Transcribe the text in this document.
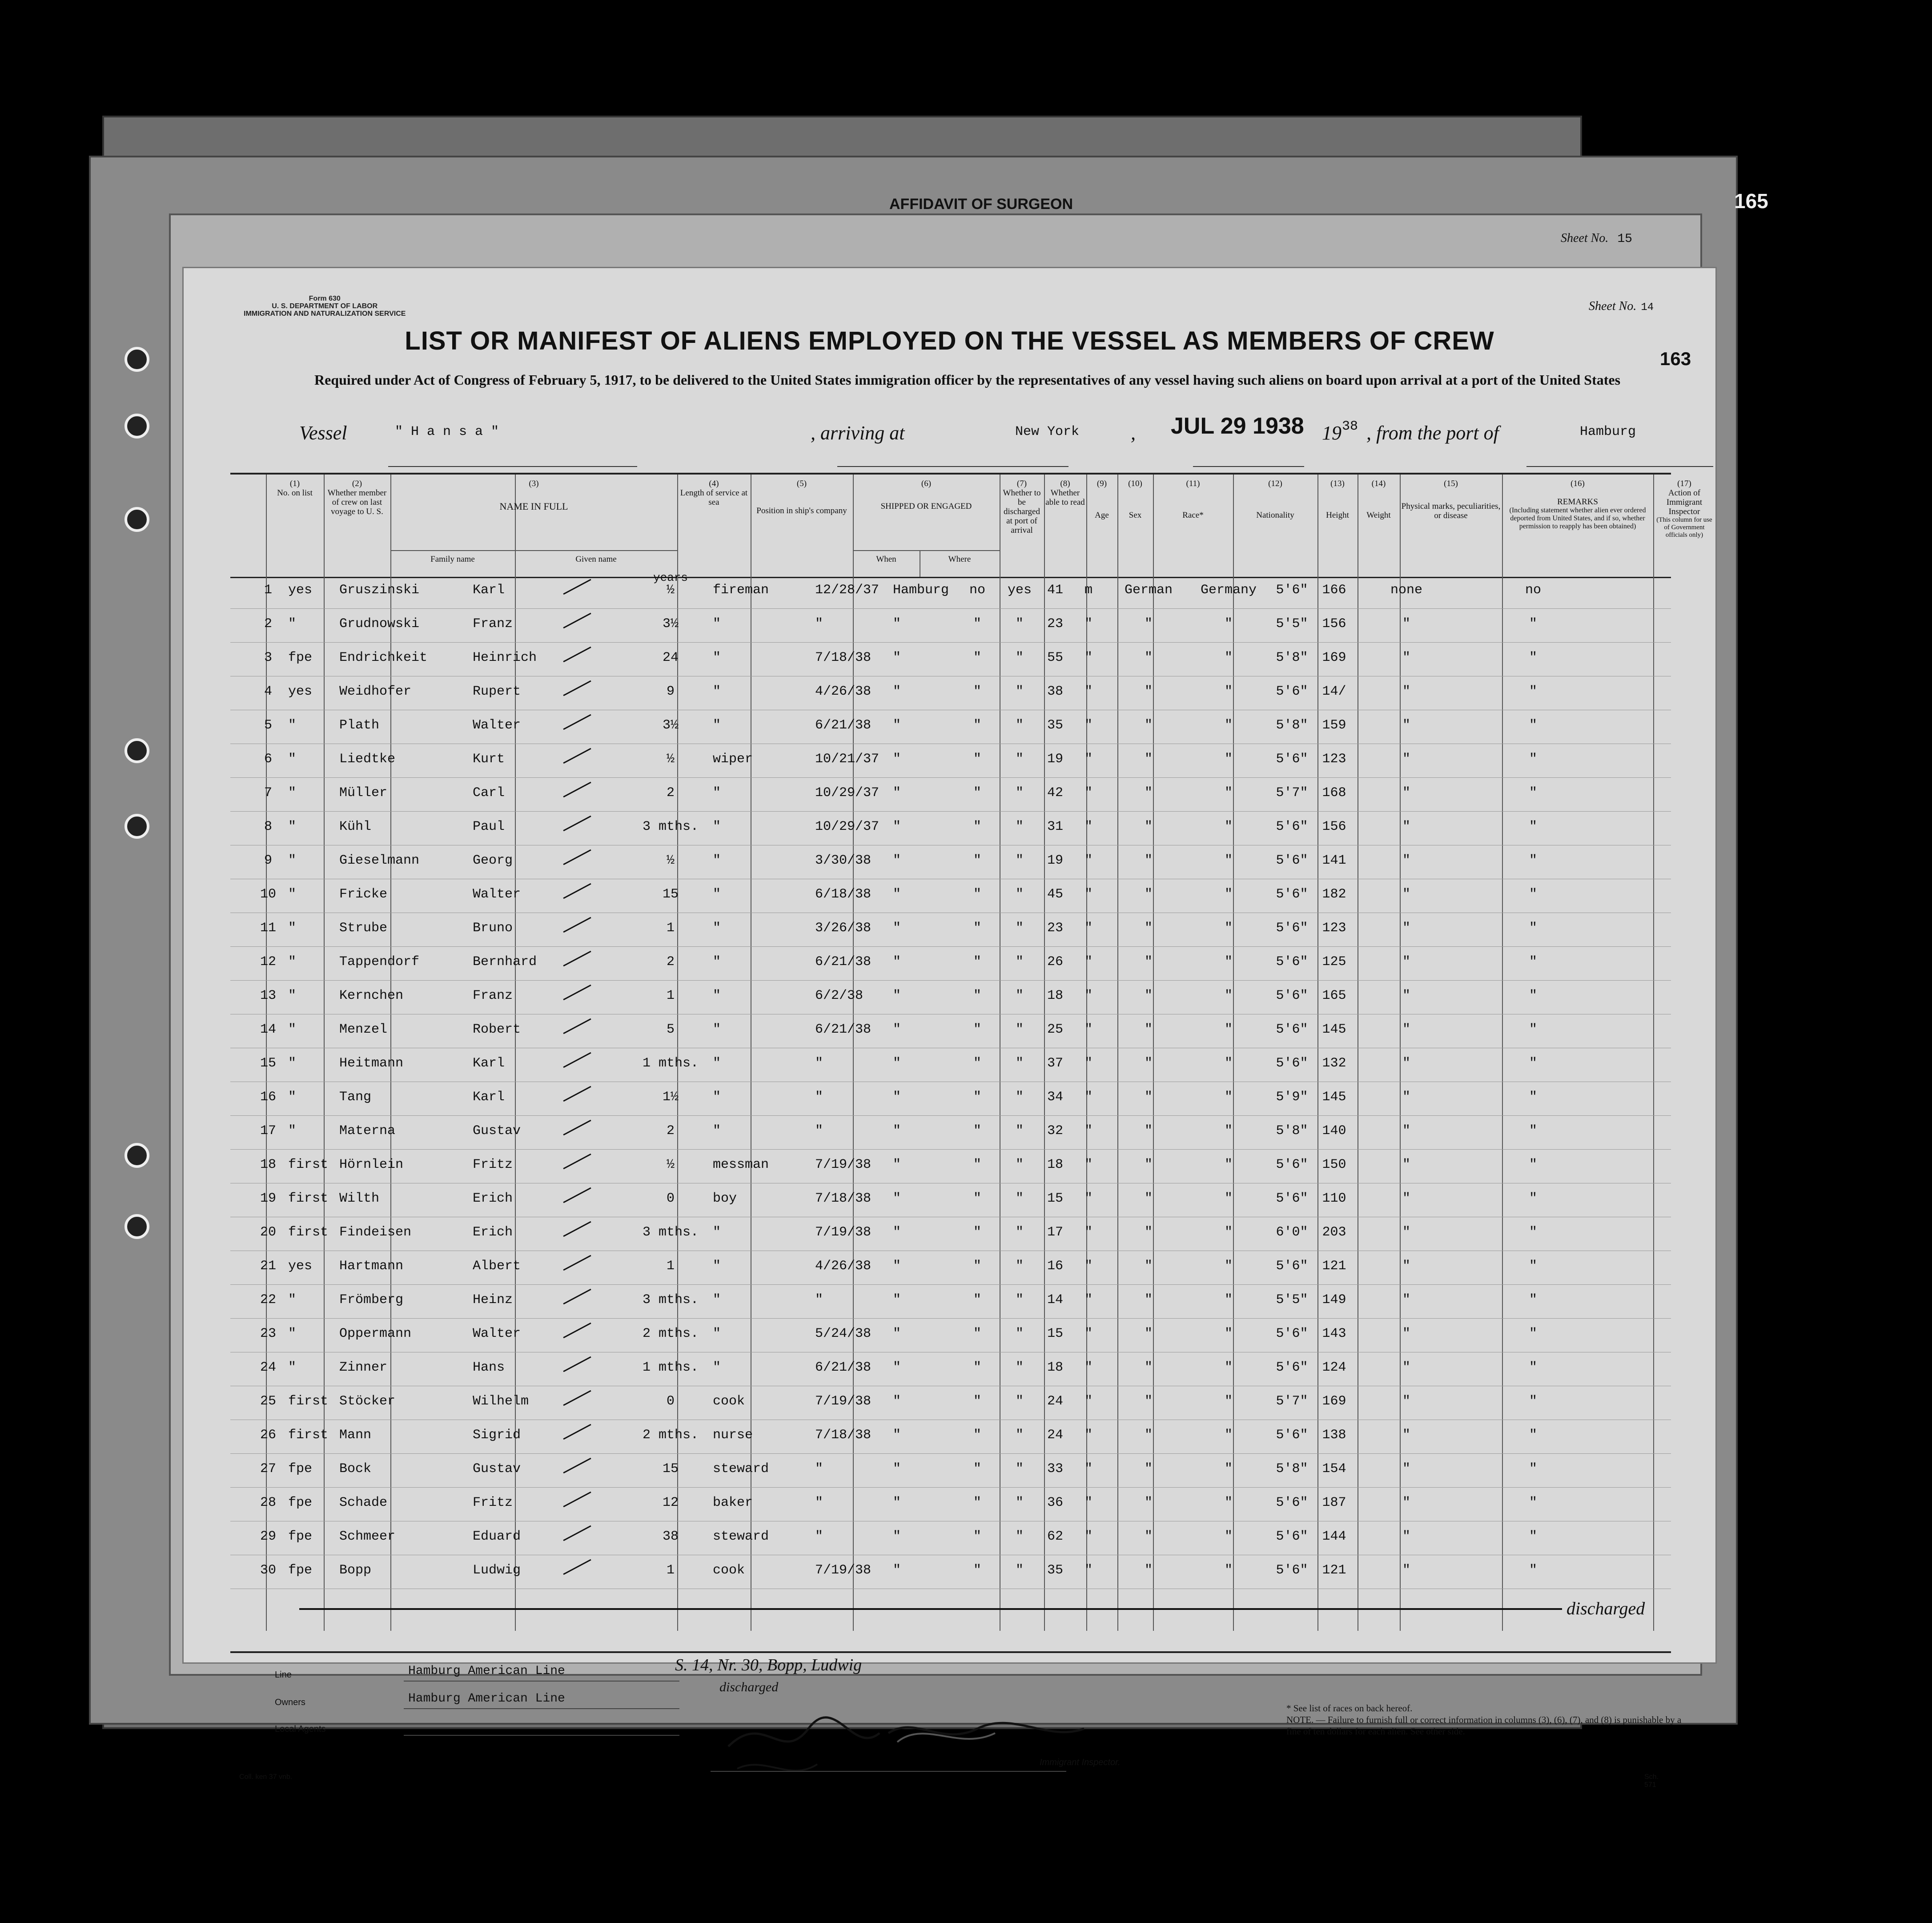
AFFIDAVIT OF SURGEON	165
Sheet No. 15
Form 630
U. S. DEPARTMENT OF LABOR
IMMIGRATION AND NATURALIZATION SERVICE
Sheet No. 14
LIST OR MANIFEST OF ALIENS EMPLOYED ON THE VESSEL AS MEMBERS OF CREW
163
Required under Act of Congress of February 5, 1917, to be delivered to the United States immigration officer by the representatives of any vessel having such aliens on board upon arrival at a port of the United States
Vessel	" H a n s a "	, arriving at	New York	, JUL 29 1938 19 38 , from the port of	Hamburg
(1)
No. on list
(2)
Whether member of crew on last voyage to U. S.
(3)
NAME IN FULL
Family name	Given name
(4)
Length of service at sea
(5)
Position in ship's company
(6)
SHIPPED OR ENGAGED
When	Where
(7)
Whether to be discharged at port of arrival
(8)
Whether able to read
(9)
Age
(10)
Sex
(11)
Race*
(12)
Nationality
(13)
Height
(14)
Weight
(15)
Physical marks, peculiarities, or disease
(16)
REMARKS
(Including statement whether alien ever ordered deported from United States, and if so, whether permission to reapply has been obtained)
(17)
Action of Immigrant Inspector
(This column for use of Government officials only)
1	yes	Gruszinski	Karl	½	fireman	12/28/37	Hamburg	no	yes	41	m	German	Germany	5'6"	166	none	no
2	"	Grudnowski	Franz	3½	"	"	"	"	"	23	"	"	"	5'5"	156	"	"
3	fpe	Endrichkeit	Heinrich	24	"	7/18/38	"	"	"	55	"	"	"	5'8"	169	"	"
4	yes	Weidhofer	Rupert	9	"	4/26/38	"	"	"	38	"	"	"	5'6"	14/	"	"
5	"	Plath	Walter	3½	"	6/21/38	"	"	"	35	"	"	"	5'8"	159	"	"
6	"	Liedtke	Kurt	½	wiper	10/21/37	"	"	"	19	"	"	"	5'6"	123	"	"
7	"	Müller	Carl	2	"	10/29/37	"	"	"	42	"	"	"	5'7"	168	"	"
8	"	Kühl	Paul	3 mths.	"	10/29/37	"	"	"	31	"	"	"	5'6"	156	"	"
9	"	Gieselmann	Georg	½	"	3/30/38	"	"	"	19	"	"	"	5'6"	141	"	"
10 "	Fricke	Walter	15	"	6/18/38	"	"	"	45	"	"	"	5'6"	182	"	"
11 "	Strube	Bruno	1	"	3/26/38	"	"	"	23	"	"	"	5'6"	123	"	"
12 "	Tappendorf	Bernhard	2	"	6/21/38	"	"	"	26	"	"	"	5'6"	125	"	"
13 "	Kernchen	Franz	1	"	6/2/38	"	"	"	18	"	"	"	5'6"	165	"	"
14 "	Menzel	Robert	5	"	6/21/38	"	"	"	25	"	"	"	5'6"	145	"	"
15 "	Heitmann	Karl	1 mths.	"	"	"	"	"	37	"	"	"	5'6"	132	"	"
16 "	Tang	Karl	1½	"	"	"	"	"	34	"	"	"	5'9"	145	"	"
17 "	Materna	Gustav	2	"	"	"	"	"	32	"	"	"	5'8"	140	"	"
18 first Hörnlein	Fritz	½	messman	7/19/38	"	"	"	18	"	"	"	5'6"	150	"	"
19 first Wilth	Erich	0	boy	7/18/38	"	"	"	15	"	"	"	5'6"	110	"	"
20 first Findeisen	Erich	3 mths.	"	7/19/38	"	"	"	17	"	"	"	6'0"	203	"	"
21 yes	Hartmann	Albert	1	"	4/26/38	"	"	"	16	"	"	"	5'6"	121	"	"
22 "	Frömberg	Heinz	3 mths.	"	"	"	"	"	14	"	"	"	5'5"	149	"	"
23 "	Oppermann	Walter	2 mths.	"	5/24/38	"	"	"	15	"	"	"	5'6"	143	"	"
24 "	Zinner	Hans	1 mths.	"	6/21/38	"	"	"	18	"	"	"	5'6"	124	"	"
25 first Stöcker	Wilhelm	0	cook	7/19/38	"	"	"	24	"	"	"	5'7"	169	"	"
26 first Mann	Sigrid	2 mths.	nurse	7/18/38	"	"	"	24	"	"	"	5'6"	138	"	"
27 fpe	Bock	Gustav	15	steward	"	"	"	"	33	"	"	"	5'8"	154	"	"
28 fpe	Schade	Fritz	12	baker	"	"	"	"	36	"	"	"	5'6"	187	"	"
29 fpe	Schmeer	Eduard	38	steward	"	"	"	"	62	"	"	"	5'6"	144	"	"
30 fpe	Bopp	Ludwig	1	cook	7/19/38	"	"	"	35	"	"	"	5'6"	121	"	"
years
discharged
Line	Hamburg American Line
Owners	Hamburg American Line
Local Agents
S. 14, Nr. 30, Bopp, Ludwig
discharged
Immigrant Inspector.
Coll. ken 37 vnb.	Sch. 571
* See list of races on back hereof.
NOTE. — Failure to furnish full or correct information in columns (3), (6), (7), and (8) is punishable by a fine of ten dollars for each alien. See other side.
